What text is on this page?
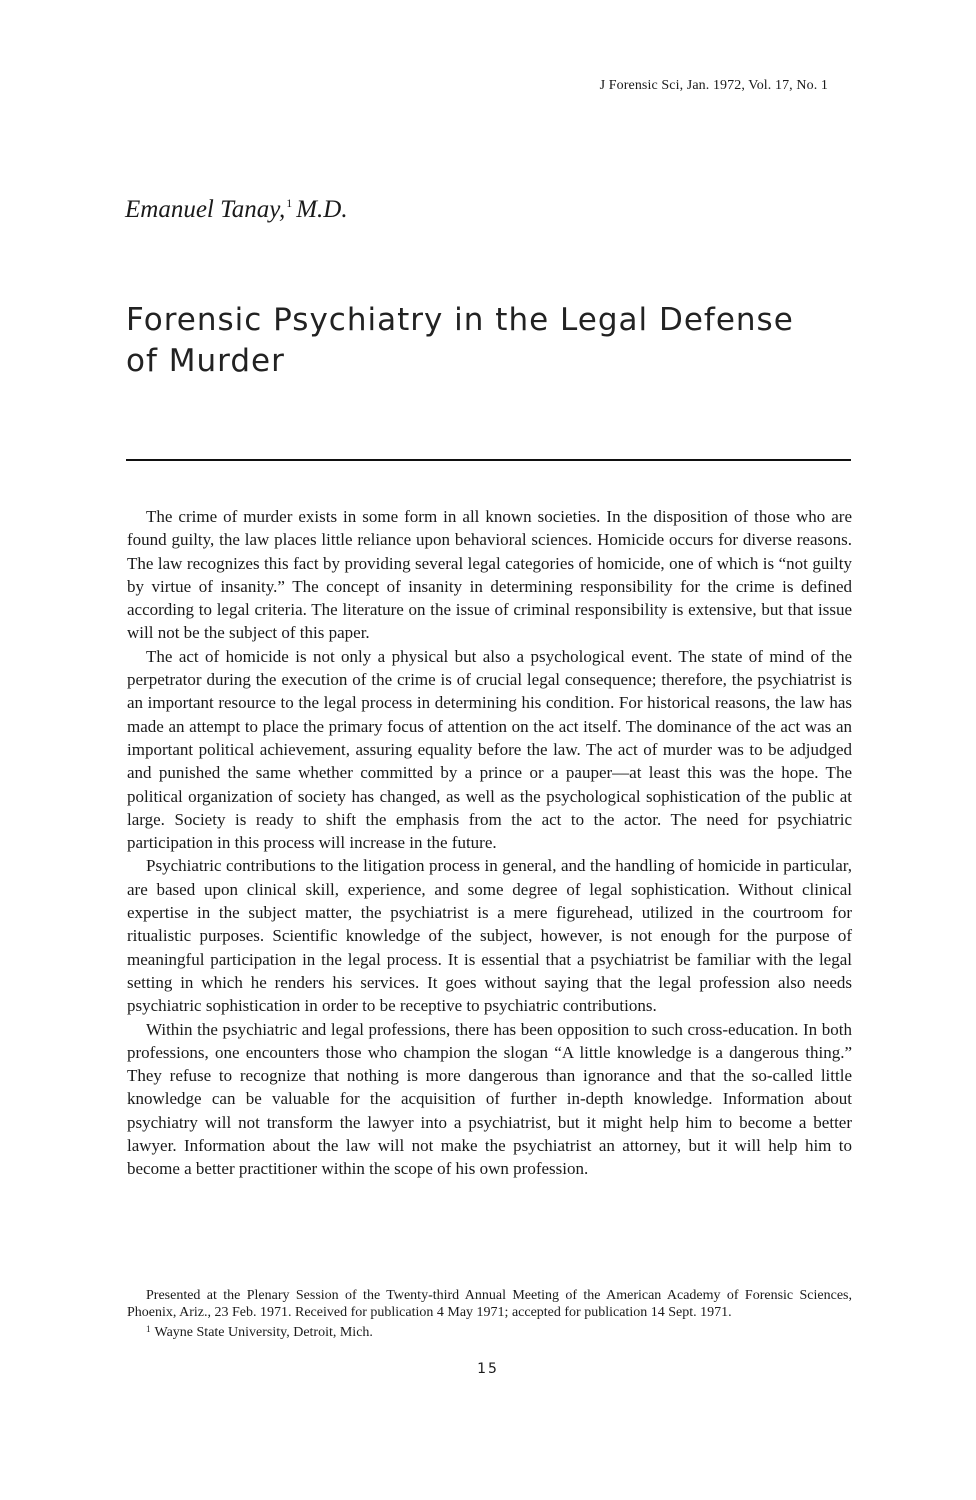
J Forensic Sci, Jan. 1972, Vol. 17, No. 1
Emanuel Tanay,$^1$ M.D.
Forensic Psychiatry in the Legal Defense
of Murder

The crime of murder exists in some form in all known societies. In the disposition of those who are found guilty, the law places little reliance upon behavioral sciences. Homicide occurs for diverse reasons. The law recognizes this fact by providing several legal categories of homicide, one of which is “not guilty by virtue of insanity.” The concept of insanity in determining responsibility for the crime is defined according to legal criteria. The literature on the issue of criminal responsibility is extensive, but that issue will not be the subject of this paper.

The act of homicide is not only a physical but also a psychological event. The state of mind of the perpetrator during the execution of the crime is of crucial legal consequence; therefore, the psychiatrist is an important resource to the legal process in determining his condition. For historical reasons, the law has made an attempt to place the primary focus of attention on the act itself. The dominance of the act was an important political achievement, assuring equality before the law. The act of murder was to be adjudged and punished the same whether committed by a prince or a pauper—at least this was the hope. The political organization of society has changed, as well as the psychological sophistication of the public at large. Society is ready to shift the emphasis from the act to the actor. The need for psychiatric participation in this process will increase in the future.

Psychiatric contributions to the litigation process in general, and the handling of homicide in particular, are based upon clinical skill, experience, and some degree of legal sophistication. Without clinical expertise in the subject matter, the psychiatrist is a mere figurehead, utilized in the courtroom for ritualistic purposes. Scientific knowledge of the subject, however, is not enough for the purpose of meaningful participation in the legal process. It is essential that a psychiatrist be familiar with the legal setting in which he renders his services. It goes without saying that the legal profession also needs psychiatric sophistication in order to be receptive to psychiatric contributions.

Within the psychiatric and legal professions, there has been opposition to such cross-education. In both professions, one encounters those who champion the slogan “A little knowledge is a dangerous thing.” They refuse to recognize that nothing is more dangerous than ignorance and that the so-called little knowledge can be valuable for the acquisition of further in-depth knowledge. Information about psychiatry will not transform the lawyer into a psychiatrist, but it might help him to become a better lawyer. Information about the law will not make the psychiatrist an attorney, but it will help him to become a better practitioner within the scope of his own profession.

Presented at the Plenary Session of the Twenty-third Annual Meeting of the American Academy of Forensic Sciences, Phoenix, Ariz., 23 Feb. 1971. Received for publication 4 May 1971; accepted for publication 14 Sept. 1971.

$^1$ Wayne State University, Detroit, Mich.

15
